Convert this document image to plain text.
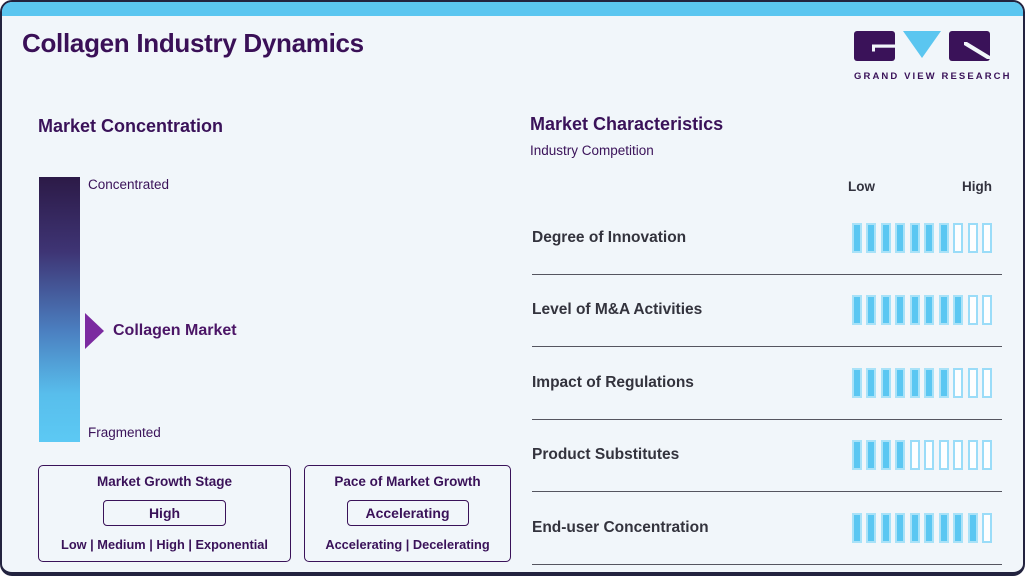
Collagen Industry Dynamics
GRAND VIEW RESEARCH
Market Concentration
Concentrated
Fragmented
Collagen Market
Market Growth Stage
High
Low | Medium | High | Exponential
Pace of Market Growth
Accelerating
Accelerating | Decelerating
Market Characteristics
Industry Competition
Low	High
Degree of Innovation
Level of M&A Activities
Impact of Regulations
Product Substitutes
End-user Concentration
